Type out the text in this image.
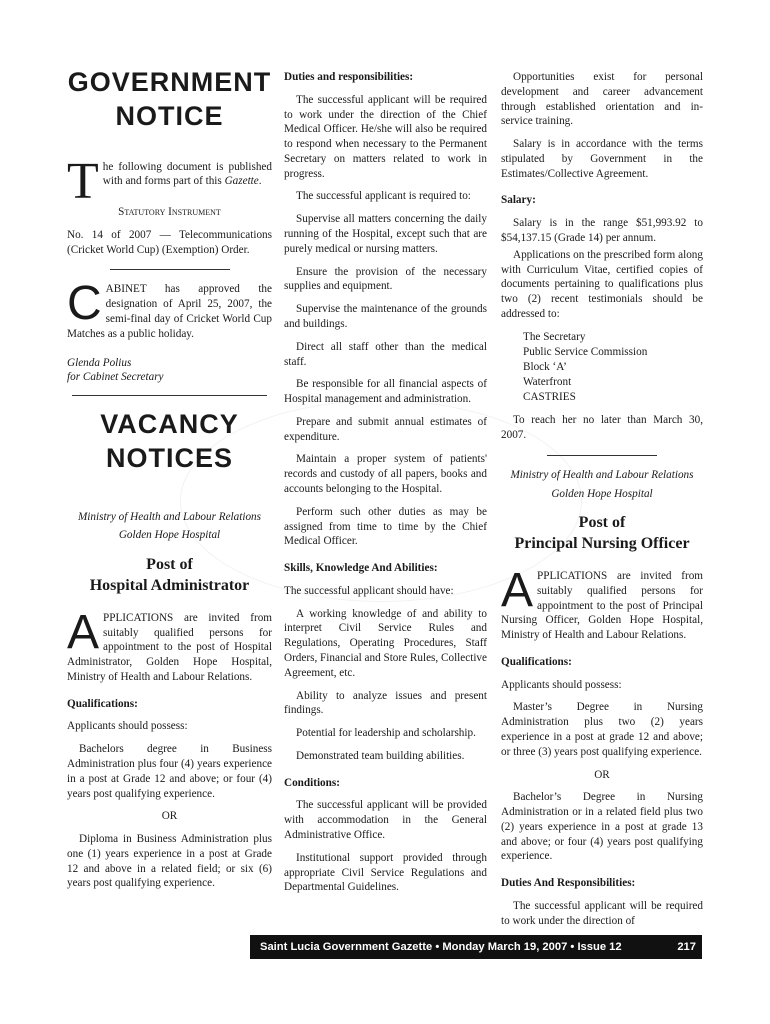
GOVERNMENT
NOTICE

The following document is published with and forms part of this Gazette.

Statutory Instrument

No. 14 of 2007 — Telecommunications (Cricket World Cup) (Exemption) Order.

CABINET has approved the designation of April 25, 2007, the semi-final day of Cricket World Cup Matches as a public holiday.

Glenda Polius

for Cabinet Secretary

VACANCY
NOTICES

Ministry of Health and Labour Relations

Golden Hope Hospital

Post of
Hospital Administrator

APPLICATIONS are invited from suitably qualified persons for appointment to the post of Hospital Administrator, Golden Hope Hospital, Ministry of Health and Labour Relations.

Qualifications:

Applicants should possess:

Bachelors degree in Business Administration plus four (4) years experience in a post at Grade 12 and above; or four (4) years post qualifying experience.

OR

Diploma in Business Administration plus one (1) years experience in a post at Grade 12 and above in a related field; or six (6) years post qualifying experience.

Duties and responsibilities:

The successful applicant will be required to work under the direction of the Chief Medical Officer. He/she will also be required to respond when necessary to the Permanent Secretary on matters related to work in progress.

The successful applicant is required to:

Supervise all matters concerning the daily running of the Hospital, except such that are purely medical or nursing matters.

Ensure the provision of the necessary supplies and equipment.

Supervise the maintenance of the grounds and buildings.

Direct all staff other than the medical staff.

Be responsible for all financial aspects of Hospital management and administration.

Prepare and submit annual estimates of expenditure.

Maintain a proper system of patients' records and custody of all papers, books and accounts belonging to the Hospital.

Perform such other duties as may be assigned from time to time by the Chief Medical Officer.

Skills, Knowledge And Abilities:

The successful applicant should have:

A working knowledge of and ability to interpret Civil Service Rules and Regulations, Operating Procedures, Staff Orders, Financial and Store Rules, Collective Agreement, etc.

Ability to analyze issues and present findings.

Potential for leadership and scholarship.

Demonstrated team building abilities.

Conditions:

The successful applicant will be provided with accommodation in the General Administrative Office.

Institutional support provided through appropriate Civil Service Regulations and Departmental Guidelines.

Opportunities exist for personal development and career advancement through established orientation and in-service training.

Salary is in accordance with the terms stipulated by Government in the Estimates/Collective Agreement.

Salary:

Salary is in the range $51,993.92 to $54,137.15 (Grade 14) per annum.

Applications on the prescribed form along with Curriculum Vitae, certified copies of documents pertaining to qualifications plus two (2) recent testimonials should be addressed to:

The Secretary
Public Service Commission
Block ‘A’
Waterfront
CASTRIES

To reach her no later than March 30, 2007.

Ministry of Health and Labour Relations

Golden Hope Hospital

Post of
Principal Nursing Officer

APPLICATIONS are invited from suitably qualified persons for appointment to the post of Principal Nursing Officer, Golden Hope Hospital, Ministry of Health and Labour Relations.

Qualifications:

Applicants should possess:

Master’s Degree in Nursing Administration plus two (2) years experience in a post at grade 12 and above; or three (3) years post qualifying experience.

OR

Bachelor’s Degree in Nursing Administration or in a related field plus two (2) years experience in a post at grade 13 and above; or four (4) years post qualifying experience.

Duties And Responsibilities:

The successful applicant will be required to work under the direction of

Saint Lucia Government Gazette • Monday March 19, 2007 • Issue 12	217
